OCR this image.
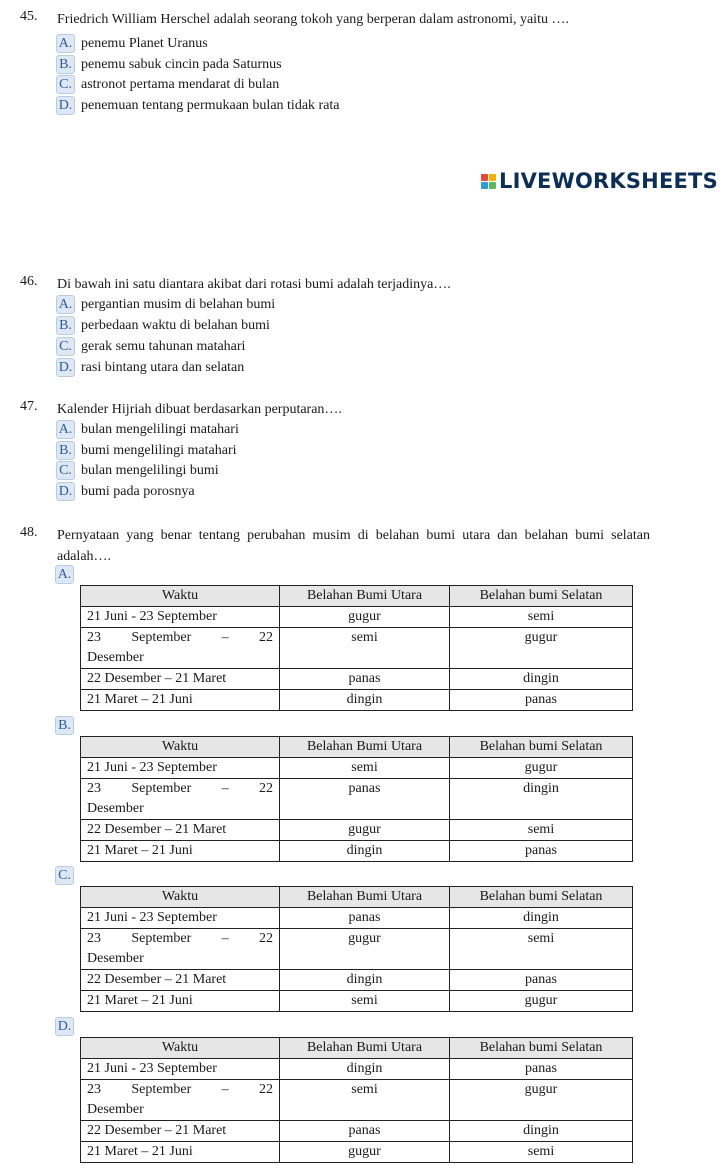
45. Friedrich William Herschel adalah seorang tokoh yang berperan dalam astronomi, yaitu ….
A. penemu Planet Uranus
B. penemu sabuk cincin pada Saturnus
C. astronot pertama mendarat di bulan
D. penemuan tentang permukaan bulan tidak rata
LIVEWORKSHEETS
46. Di bawah ini satu diantara akibat dari rotasi bumi adalah terjadinya….
A. pergantian musim di belahan bumi
B. perbedaan waktu di belahan bumi
C. gerak semu tahunan matahari
D. rasi bintang utara dan selatan
47. Kalender Hijriah dibuat berdasarkan perputaran….
A. bulan mengelilingi matahari
B. bumi mengelilingi matahari
C. bulan mengelilingi bumi
D. bumi pada porosnya
48. Pernyataan yang benar tentang perubahan musim di belahan bumi utara dan belahan bumi selatan adalah….
A.
Waktu	Belahan Bumi Utara	Belahan bumi Selatan
21 Juni - 23 September	gugur	semi

23 September – 22
Desember	semi	gugur
22 Desember – 21 Maret	panas	dingin
21 Maret – 21 Juni	dingin	panas
B.
Waktu	Belahan Bumi Utara	Belahan bumi Selatan
21 Juni - 23 September	semi	gugur

23 September – 22
Desember	panas	dingin
22 Desember – 21 Maret	gugur	semi
21 Maret – 21 Juni	dingin	panas
C.
Waktu	Belahan Bumi Utara	Belahan bumi Selatan
21 Juni - 23 September	panas	dingin

23 September – 22
Desember	gugur	semi
22 Desember – 21 Maret	dingin	panas
21 Maret – 21 Juni	semi	gugur
D.
Waktu	Belahan Bumi Utara	Belahan bumi Selatan
21 Juni - 23 September	dingin	panas

23 September – 22
Desember	semi	gugur
22 Desember – 21 Maret	panas	dingin
21 Maret – 21 Juni	gugur	semi
